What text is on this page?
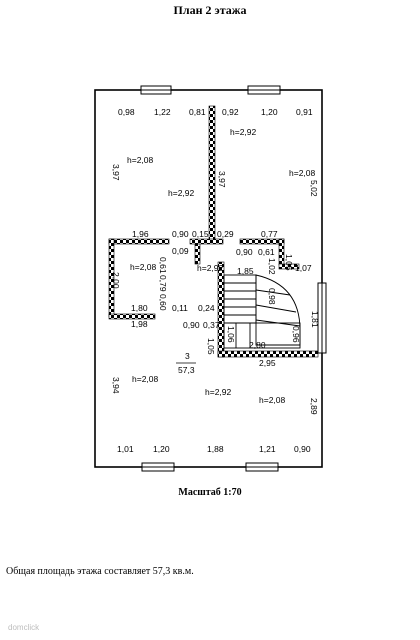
План 2 этажа
0,98 1,22 0,81 0,92	1,20 0,91
3,97
h=2,08
h=2,92
1,96
h=2,92
3,97	h=2,08
5,02
0,90 0,15 0,29	0,77
0,09
2,00
h=2,08 0,61
0,79
0,60
1,80	0,11 0,24
h=2,92
0,90 0,61
1,02 1,05
1,85	1,07
0,98
1,81
1,98	0,90 0,37
1,06
1,05	2,80
0,96
2,95
3
57,3
3,94 h=2,08
h=2,92
h=2,08	2,89
1,01 1,20	1,88	1,21 0,90
Масштаб 1:70
Общая площадь этажа составляет 57,3 кв.м.
domclick
